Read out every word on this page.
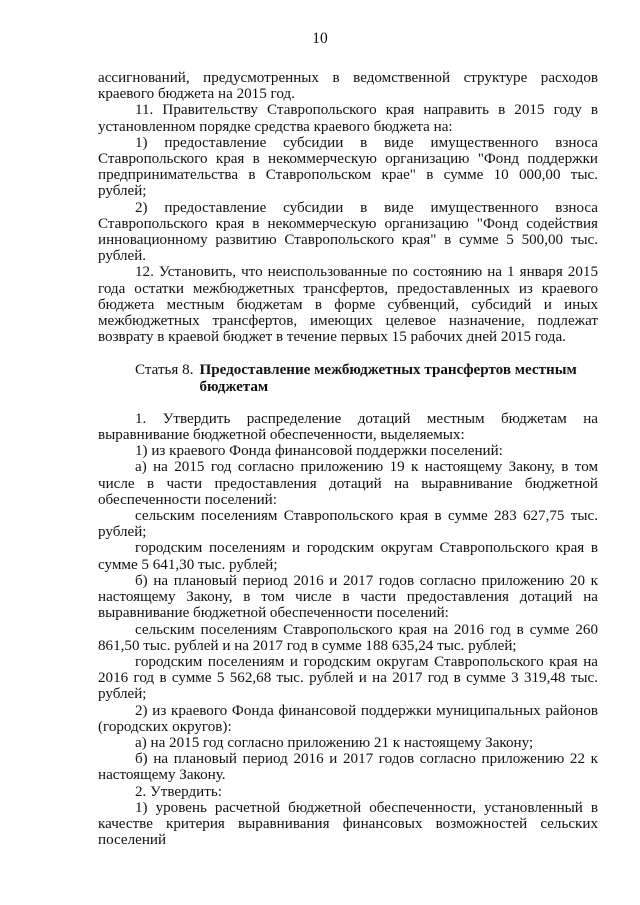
10

ассигнований, предусмотренных в ведомственной структуре расходов краевого бюджета на 2015 год.

11. Правительству Ставропольского края направить в 2015 году в установленном порядке средства краевого бюджета на:

1) предоставление субсидии в виде имущественного взноса Ставропольского края в некоммерческую организацию "Фонд поддержки предпринимательства в Ставропольском крае" в сумме 10 000,00 тыс. рублей;

2) предоставление субсидии в виде имущественного взноса Ставропольского края в некоммерческую организацию "Фонд содействия инновационному развитию Ставропольского края" в сумме 5 500,00 тыс. рублей.

12. Установить, что неиспользованные по состоянию на 1 января 2015 года остатки межбюджетных трансфертов, предоставленных из краевого бюджета местным бюджетам в форме субвенций, субсидий и иных межбюджетных трансфертов, имеющих целевое назначение, подлежат возврату в краевой бюджет в течение первых 15 рабочих дней 2015 года.

Статья 8. Предоставление межбюджетных трансфертов местным бюджетам

1. Утвердить распределение дотаций местным бюджетам на выравнивание бюджетной обеспеченности, выделяемых:

1) из краевого Фонда финансовой поддержки поселений:

а) на 2015 год согласно приложению 19 к настоящему Закону, в том числе в части предоставления дотаций на выравнивание бюджетной обеспеченности поселений:

сельским поселениям Ставропольского края в сумме 283 627,75 тыс. рублей;

городским поселениям и городским округам Ставропольского края в сумме 5 641,30 тыс. рублей;

б) на плановый период 2016 и 2017 годов согласно приложению 20 к настоящему Закону, в том числе в части предоставления дотаций на выравнивание бюджетной обеспеченности поселений:

сельским поселениям Ставропольского края на 2016 год в сумме 260 861,50 тыс. рублей и на 2017 год в сумме 188 635,24 тыс. рублей;

городским поселениям и городским округам Ставропольского края на 2016 год в сумме 5 562,68 тыс. рублей и на 2017 год в сумме 3 319,48 тыс. рублей;

2) из краевого Фонда финансовой поддержки муниципальных районов (городских округов):

а) на 2015 год согласно приложению 21 к настоящему Закону;

б) на плановый период 2016 и 2017 годов согласно приложению 22 к настоящему Закону.

2. Утвердить:

1) уровень расчетной бюджетной обеспеченности, установленный в качестве критерия выравнивания финансовых возможностей сельских поселений
